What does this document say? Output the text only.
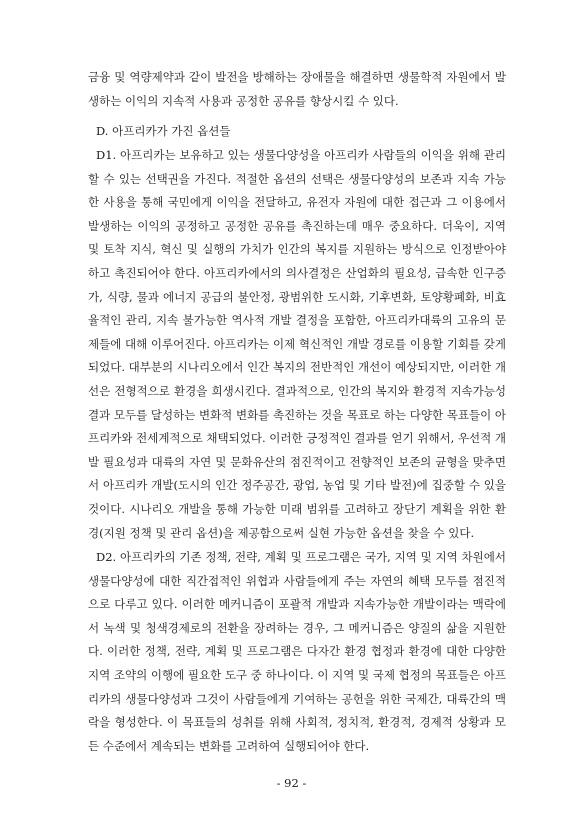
금융 및 역량제약과 같이 발전을 방해하는 장애물을 해결하면 생물학적 자원에서 발생하는 이익의 지속적 사용과 공정한 공유를 향상시킬 수 있다.

D. 아프리카가 가진 옵션들

D1. 아프리카는 보유하고 있는 생물다양성을 아프리카 사람들의 이익을 위해 관리 할 수 있는 선택권을 가진다. 적절한 옵션의 선택은 생물다양성의 보존과 지속 가능한 사용을 통해 국민에게 이익을 전달하고, 유전자 자원에 대한 접근과 그 이용에서 발생하는 이익의 공정하고 공정한 공유를 촉진하는데 매우 중요하다. 더욱이, 지역 및 토착 지식, 혁신 및 실행의 가치가 인간의 복지를 지원하는 방식으로 인정받아야 하고 촉진되어야 한다. 아프리카에서의 의사결정은 산업화의 필요성, 급속한 인구증가, 식량, 물과 에너지 공급의 불안정, 광범위한 도시화, 기후변화, 토양황폐화, 비효율적인 관리, 지속 불가능한 역사적 개발 결정을 포함한, 아프리카대륙의 고유의 문제들에 대해 이루어진다. 아프리카는 이제 혁신적인 개발 경로를 이용할 기회를 갖게 되었다. 대부분의 시나리오에서 인간 복지의 전반적인 개선이 예상되지만, 이러한 개선은 전형적으로 환경을 희생시킨다. 결과적으로, 인간의 복지와 환경적 지속가능성 결과 모두를 달성하는 변화적 변화를 촉진하는 것을 목표로 하는 다양한 목표들이 아프리카와 전세계적으로 채택되었다. 이러한 긍정적인 결과를 얻기 위해서, 우선적 개발 필요성과 대륙의 자연 및 문화유산의 점진적이고 전향적인 보존의 균형을 맞추면서 아프리카 개발(도시의 인간 정주공간, 광업, 농업 및 기타 발전)에 집중할 수 있을 것이다. 시나리오 개발을 통해 가능한 미래 범위를 고려하고 장단기 계획을 위한 환경(지원 정책 및 관리 옵션)을 제공함으로써 실현 가능한 옵션을 찾을 수 있다.

D2. 아프리카의 기존 정책, 전략, 계획 및 프로그램은 국가, 지역 및 지역 차원에서 생물다양성에 대한 직간접적인 위협과 사람들에게 주는 자연의 혜택 모두를 점진적으로 다루고 있다. 이러한 메커니즘이 포괄적 개발과 지속가능한 개발이라는 맥락에서 녹색 및 청색경제로의 전환을 장려하는 경우, 그 메커니즘은 양질의 삶을 지원한다. 이러한 정책, 전략, 계획 및 프로그램은 다자간 환경 협정과 환경에 대한 다양한 지역 조약의 이행에 필요한 도구 중 하나이다. 이 지역 및 국제 협정의 목표들은 아프리카의 생물다양성과 그것이 사람들에게 기여하는 공헌을 위한 국제간, 대륙간의 맥락을 형성한다. 이 목표들의 성취를 위해 사회적, 정치적, 환경적, 경제적 상황과 모든 수준에서 계속되는 변화를 고려하여 실행되어야 한다.

- 92 -
